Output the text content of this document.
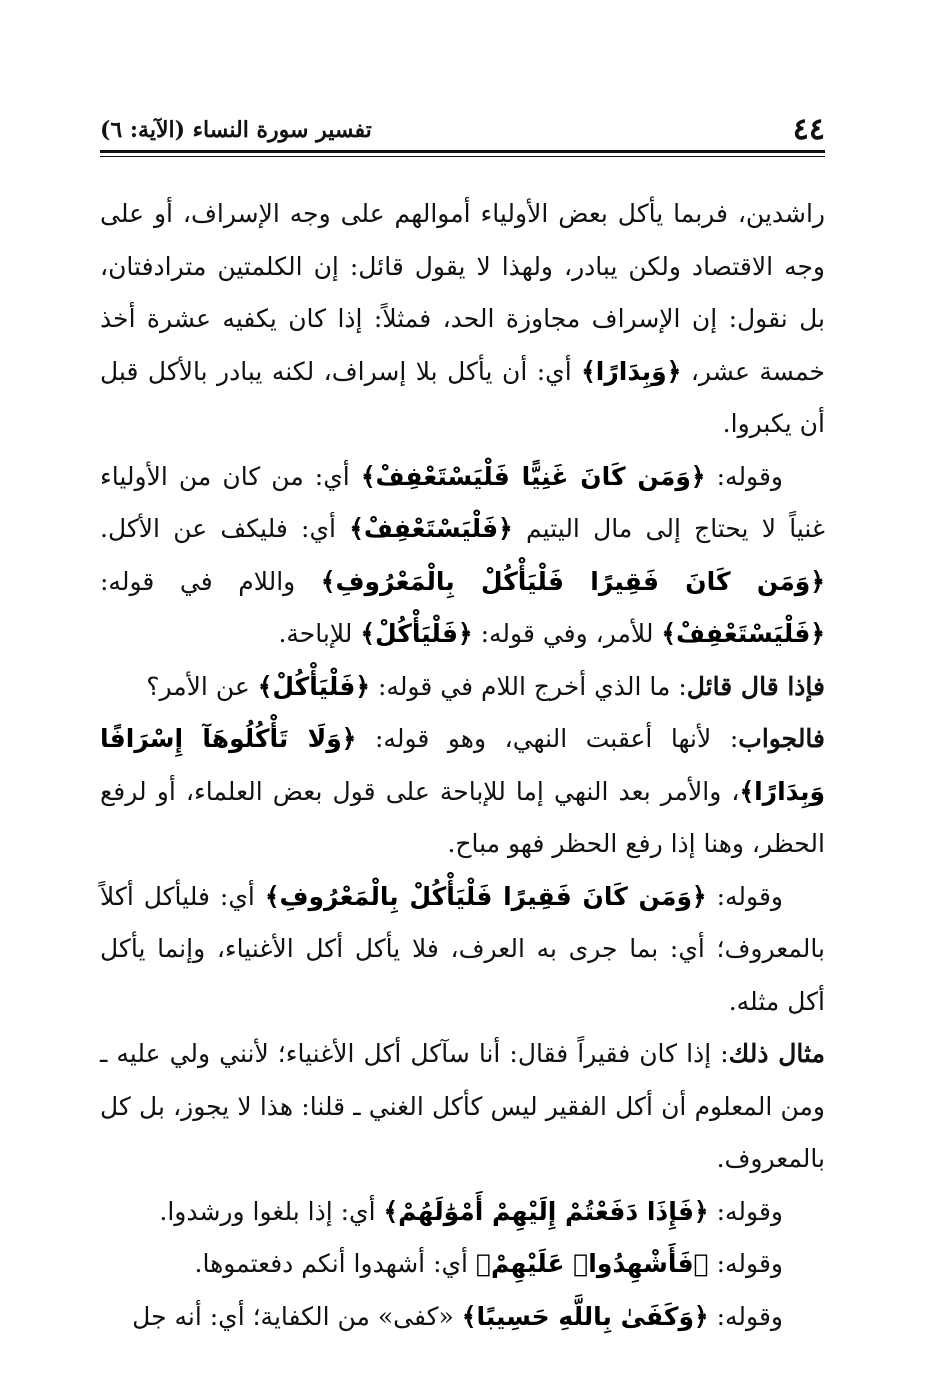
٤٤
تفسير سورة النساء (الآية: ٦)

راشدين، فربما يأكل بعض الأولياء أموالهم على وجه الإسراف، أو على وجه الاقتصاد ولكن يبادر، ولهذا لا يقول قائل: إن الكلمتين مترادفتان، بل نقول: إن الإسراف مجاوزة الحد، فمثلاً: إذا كان يكفيه عشرة أخذ خمسة عشر، ﴿وَبِدَارًا﴾ أي: أن يأكل بلا إسراف، لكنه يبادر بالأكل قبل أن يكبروا.

وقوله: ﴿وَمَن كَانَ غَنِيًّا فَلْيَسْتَعْفِفْ﴾ أي: من كان من الأولياء غنياً لا يحتاج إلى مال اليتيم ﴿فَلْيَسْتَعْفِفْ﴾ أي: فليكف عن الأكل. ﴿وَمَن كَانَ فَقِيرًا فَلْيَأْكُلْ بِالْمَعْرُوفِ﴾ واللام في قوله: ﴿فَلْيَسْتَعْفِفْ﴾ للأمر، وفي قوله: ﴿فَلْيَأْكُلْ﴾ للإباحة.

فإذا قال قائل: ما الذي أخرج اللام في قوله: ﴿فَلْيَأْكُلْ﴾ عن الأمر؟

فالجواب: لأنها أعقبت النهي، وهو قوله: ﴿وَلَا تَأْكُلُوهَآ إِسْرَافًا وَبِدَارًا﴾، والأمر بعد النهي إما للإباحة على قول بعض العلماء، أو لرفع الحظر، وهنا إذا رفع الحظر فهو مباح.

وقوله: ﴿وَمَن كَانَ فَقِيرًا فَلْيَأْكُلْ بِالْمَعْرُوفِ﴾ أي: فليأكل أكلاً بالمعروف؛ أي: بما جرى به العرف، فلا يأكل أكل الأغنياء، وإنما يأكل أكل مثله.

مثال ذلك: إذا كان فقيراً فقال: أنا سآكل أكل الأغنياء؛ لأنني ولي عليه ـ ومن المعلوم أن أكل الفقير ليس كأكل الغني ـ قلنا: هذا لا يجوز، بل كل بالمعروف.

وقوله: ﴿فَإِذَا دَفَعْتُمْ إِلَيْهِمْ أَمْوَٰلَهُمْ﴾ أي: إذا بلغوا ورشدوا.

وقوله: ﴿فَأَشْهِدُوا۟ عَلَيْهِمْ﴾ أي: أشهدوا أنكم دفعتموها.

وقوله: ﴿وَكَفَىٰ بِاللَّهِ حَسِيبًا﴾ «كفى» من الكفاية؛ أي: أنه جل
